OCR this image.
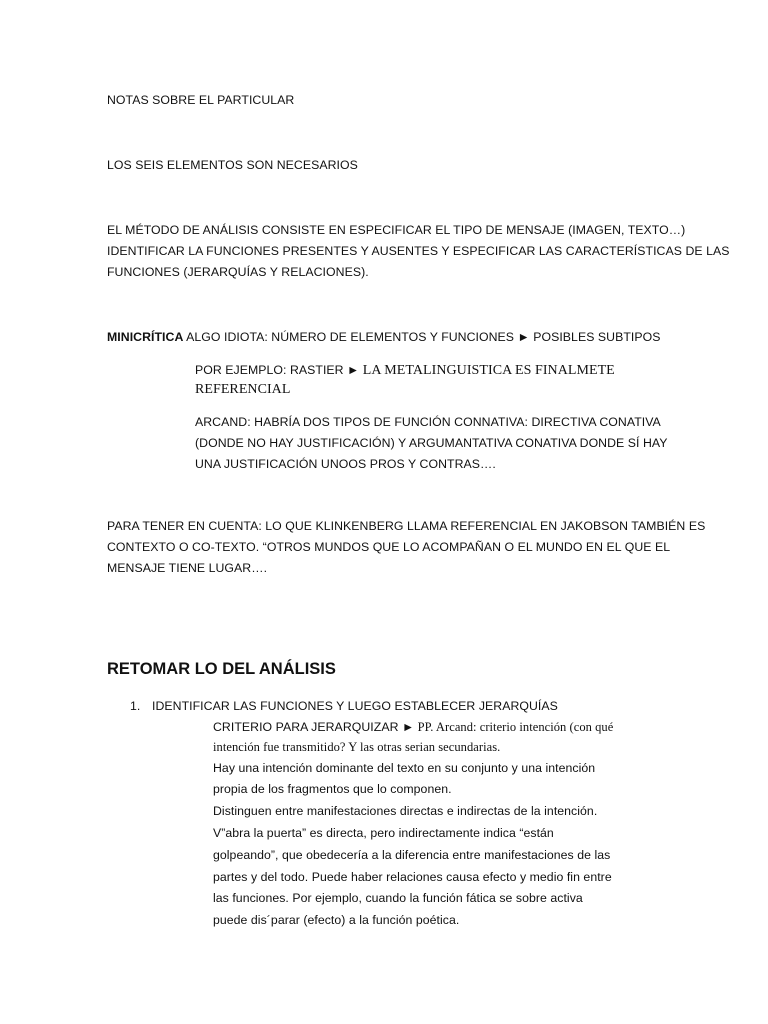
NOTAS SOBRE EL PARTICULAR

LOS SEIS ELEMENTOS SON NECESARIOS

EL MÉTODO DE ANÁLISIS CONSISTE EN ESPECIFICAR EL TIPO DE MENSAJE (IMAGEN, TEXTO…)

IDENTIFICAR LA FUNCIONES PRESENTES Y AUSENTES Y ESPECIFICAR LAS CARACTERÍSTICAS DE LAS

FUNCIONES (JERARQUÍAS Y RELACIONES).

MINICRÍTICA ALGO IDIOTA: NÚMERO DE ELEMENTOS Y FUNCIONES ► POSIBLES SUBTIPOS

POR EJEMPLO: RASTIER ► LA METALINGUISTICA ES FINALMETE

REFERENCIAL

ARCAND: HABRÍA DOS TIPOS DE FUNCIÓN CONNATIVA: DIRECTIVA CONATIVA

(DONDE NO HAY JUSTIFICACIÓN) Y ARGUMANTATIVA CONATIVA DONDE SÍ HAY

UNA JUSTIFICACIÓN UNOOS PROS Y CONTRAS….

PARA TENER EN CUENTA: LO QUE KLINKENBERG LLAMA REFERENCIAL EN JAKOBSON TAMBIÉN ES

CONTEXTO O CO-TEXTO. “OTROS MUNDOS QUE LO ACOMPAÑAN O EL MUNDO EN EL QUE EL

MENSAJE TIENE LUGAR….

RETOMAR LO DEL ANÁLISIS
1. IDENTIFICAR LAS FUNCIONES Y LUEGO ESTABLECER JERARQUÍAS

CRITERIO PARA JERARQUIZAR ► PP. Arcand: criterio intención (con qué

intención fue transmitido? Y las otras serian secundarias.

Hay una intención dominante del texto en su conjunto y una intención

propia de los fragmentos que lo componen.

Distinguen entre manifestaciones directas e indirectas de la intención.

V”abra la puerta” es directa, pero indirectamente indica “están

golpeando”, que obedecería a la diferencia entre manifestaciones de las

partes y del todo. Puede haber relaciones causa efecto y medio fin entre

las funciones. Por ejemplo, cuando la función fática se sobre activa

puede dis´parar (efecto) a la función poética.
